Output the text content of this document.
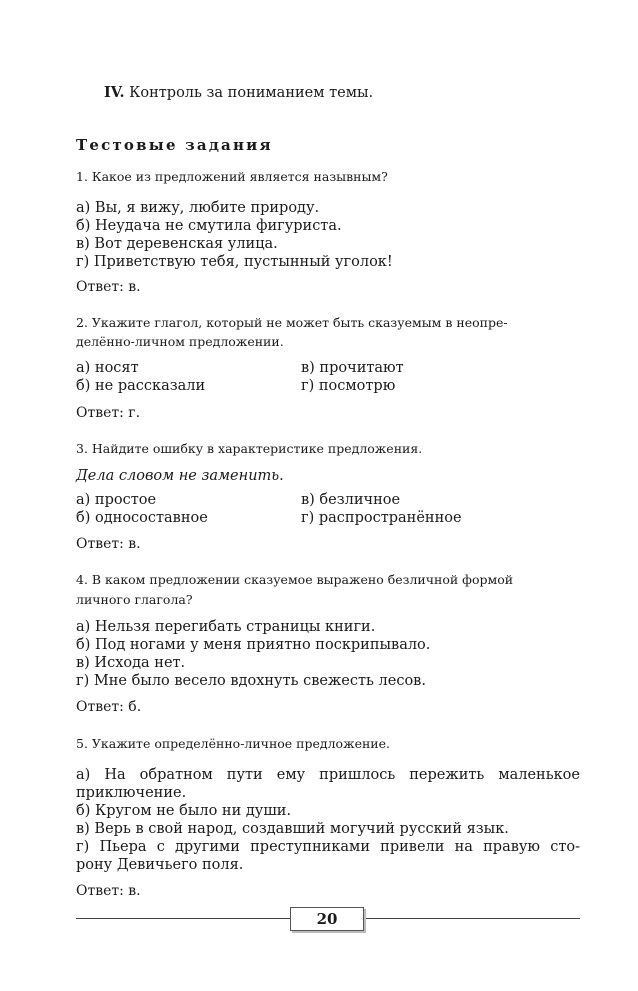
IV. Контроль за пониманием темы.
Тестовые задания
1. Какое из предложений является назывным?
а) Вы, я вижу, любите природу.
б) Неудача не смутила фигуриста.
в) Вот деревенская улица.
г) Приветствую тебя, пустынный уголок!
Ответ: в.
2. Укажите глагол, который не может быть сказуемым в неопре-
делённо-личном предложении.
а) носят
б) не рассказали
в) прочитают
г) посмотрю
Ответ: г.
3. Найдите ошибку в характеристике предложения.
Дела словом не заменить.
а) простое
б) односоставное
в) безличное
г) распространённое
Ответ: в.
4. В каком предложении сказуемое выражено безличной формой
личного глагола?
а) Нельзя перегибать страницы книги.
б) Под ногами у меня приятно поскрипывало.
в) Исхода нет.
г) Мне было весело вдохнуть свежесть лесов.
Ответ: б.
5. Укажите определённо-личное предложение.
а) На обратном пути ему пришлось пережить маленькое
приключение.
б) Кругом не было ни души.
в) Верь в свой народ, создавший могучий русский язык.
г) Пьера с другими преступниками привели на правую сто-
рону Девичьего поля.
Ответ: в.
20
